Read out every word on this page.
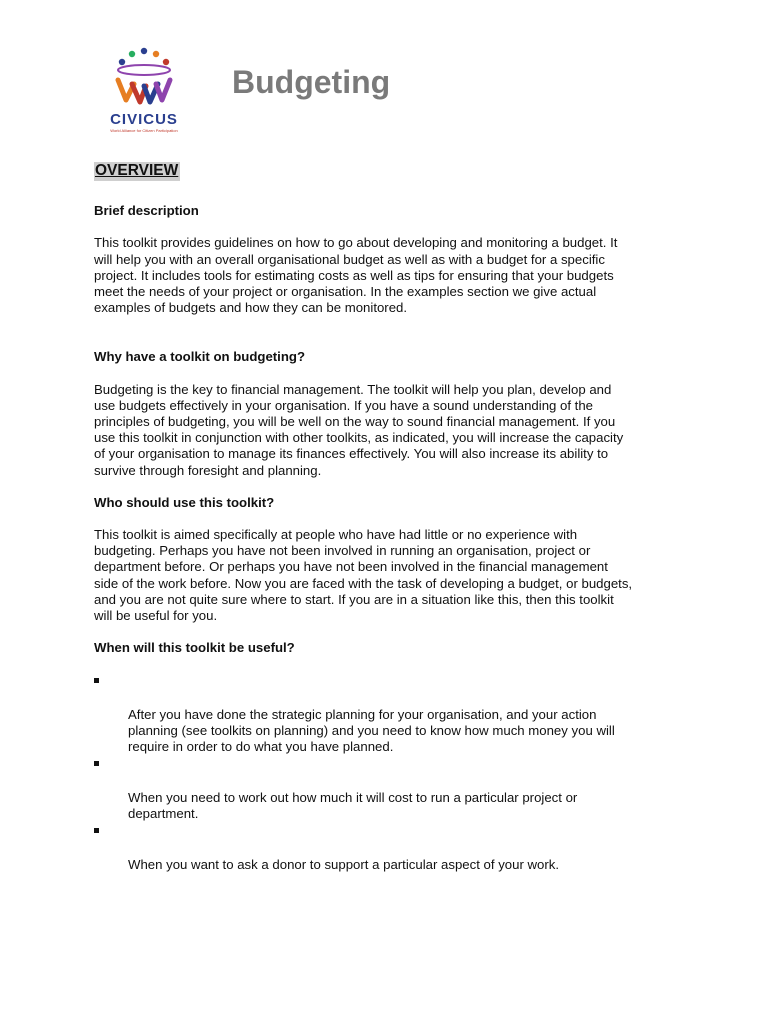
CIVICUS
World Alliance for Citizen Participation
Budgeting
OVERVIEW
Brief description
This toolkit provides guidelines on how to go about developing and monitoring a budget. It
will help you with an overall organisational budget as well as with a budget for a specific
project. It includes tools for estimating costs as well as tips for ensuring that your budgets
meet the needs of your project or organisation. In the examples section we give actual
examples of budgets and how they can be monitored.
Why have a toolkit on budgeting?
Budgeting is the key to financial management. The toolkit will help you plan, develop and
use budgets effectively in your organisation. If you have a sound understanding of the
principles of budgeting, you will be well on the way to sound financial management. If you
use this toolkit in conjunction with other toolkits, as indicated, you will increase the capacity
of your organisation to manage its finances effectively. You will also increase its ability to
survive through foresight and planning.
Who should use this toolkit?
This toolkit is aimed specifically at people who have had little or no experience with
budgeting. Perhaps you have not been involved in running an organisation, project or
department before. Or perhaps you have not been involved in the financial management
side of the work before. Now you are faced with the task of developing a budget, or budgets,
and you are not quite sure where to start. If you are in a situation like this, then this toolkit
will be useful for you.
When will this toolkit be useful?

After you have done the strategic planning for your organisation, and your action
planning (see toolkits on planning) and you need to know how much money you will
require in order to do what you have planned.

When you need to work out how much it will cost to run a particular project or
department.

When you want to ask a donor to support a particular aspect of your work.
